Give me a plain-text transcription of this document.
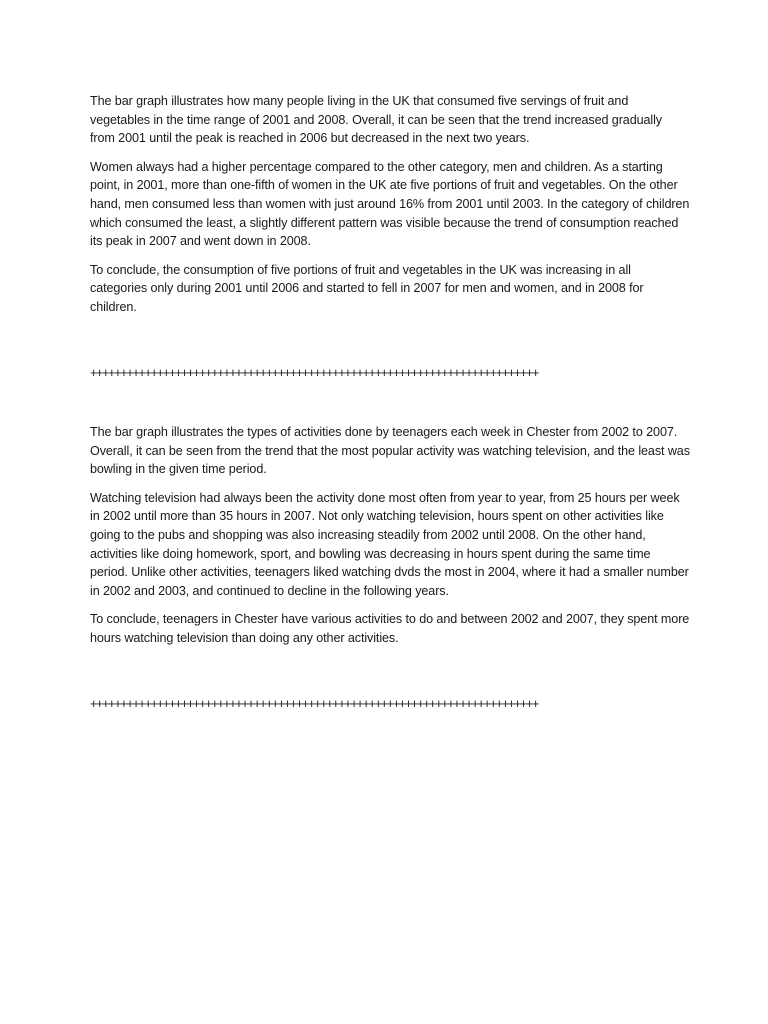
The bar graph illustrates how many people living in the UK that consumed five servings of fruit and vegetables in the time range of 2001 and 2008. Overall, it can be seen that the trend increased gradually from 2001 until the peak is reached in 2006 but decreased in the next two years.

Women always had a higher percentage compared to the other category, men and children. As a starting point, in 2001, more than one-fifth of women in the UK ate five portions of fruit and vegetables. On the other hand, men consumed less than women with just around 16% from 2001 until 2003. In the category of children which consumed the least, a slightly different pattern was visible because the trend of consumption reached its peak in 2007 and went down in 2008.

To conclude, the consumption of five portions of fruit and vegetables in the UK was increasing in all categories only during 2001 until 2006 and started to fell in 2007 for men and women, and in 2008 for children.

++++++++++++++++++++++++++++++++++++++++++++++++++++++++++++++++++++++++++

The bar graph illustrates the types of activities done by teenagers each week in Chester from 2002 to 2007. Overall, it can be seen from the trend that the most popular activity was watching television, and the least was bowling in the given time period.

Watching television had always been the activity done most often from year to year, from 25 hours per week in 2002 until more than 35 hours in 2007. Not only watching television, hours spent on other activities like going to the pubs and shopping was also increasing steadily from 2002 until 2008. On the other hand, activities like doing homework, sport, and bowling was decreasing in hours spent during the same time period. Unlike other activities, teenagers liked watching dvds the most in 2004, where it had a smaller number in 2002 and 2003, and continued to decline in the following years.

To conclude, teenagers in Chester have various activities to do and between 2002 and 2007, they spent more hours watching television than doing any other activities.

++++++++++++++++++++++++++++++++++++++++++++++++++++++++++++++++++++++++++
